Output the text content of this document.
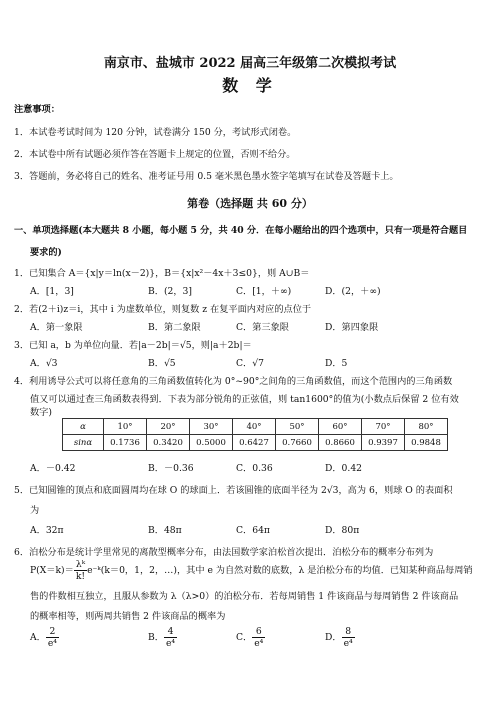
南京市、盐城市 2022 届高三年级第二次模拟考试
数 学
注意事项：
1．本试卷考试时间为 120 分钟，试卷满分 150 分，考试形式闭卷。
2．本试卷中所有试题必须作答在答题卡上规定的位置，否则不给分。
3．答题前，务必将自己的姓名、准考证号用 0.5 毫米黑色墨水签字笔填写在试卷及答题卡上。
第卷（选择题 共 60 分）
一、单项选择题(本大题共 8 小题，每小题 5 分，共 40 分．在每小题给出的四个选项中，只有一项是符合题目
要求的)
1．已知集合 A＝{x|y＝ln(x－2)}，B＝{x|x²－4x＋3≤0}，则 A∪B＝
A．[1，3]	B．(2，3]	C．[1，＋∞)	D．(2，＋∞)
2．若(2＋i)z＝i，其中 i 为虚数单位，则复数 z 在复平面内对应的点位于
A．第一象限	B．第二象限	C．第三象限	D．第四象限
3．已知 a，b 为单位向量．若|a－2b|＝√5，则|a＋2b|＝
A．√3	B．√5	C．√7	D．5
4．利用诱导公式可以将任意角的三角函数值转化为 0°~90°之间角的三角函数值，而这个范围内的三角函数
值又可以通过查三角函数表得到．下表为部分锐角的正弦值，则 tan1600°的值为(小数点后保留 2 位有效
数字)
α	10°	20°	30°	40°	50°	60°	70°	80°
sinα	0.1736	0.3420	0.5000	0.6427	0.7660	0.8660	0.9397	0.9848
A．－0.42	B．－0.36	C．0.36	D．0.42
5．已知圆锥的顶点和底面圆周均在球 O 的球面上．若该圆锥的底面半径为 2√3，高为 6，则球 O 的表面积
为
A．32π	B．48π	C．64π	D．80π
6．泊松分布是统计学里常见的离散型概率分布，由法国数学家泊松首次提出．泊松分布的概率分布列为
$P(X=k)= \frac{\text{λᵏ}}{k!}$ e⁻ᵏ(k＝0，1，2，…)，其中 e 为自然对数的底数，λ 是泊松分布的均值．已知某种商品每周销
售的件数相互独立，且服从参数为 λ（λ>0）的泊松分布．若每周销售 1 件该商品与每周销售 2 件该商品
的概率相等，则两周共销售 2 件该商品的概率为
A． $\frac{2}{\text{e⁴}}$	B． $\frac{4}{\text{e⁴}}$	C． $\frac{6}{\text{e⁴}}$	D． $\frac{8}{\text{e⁴}}$
